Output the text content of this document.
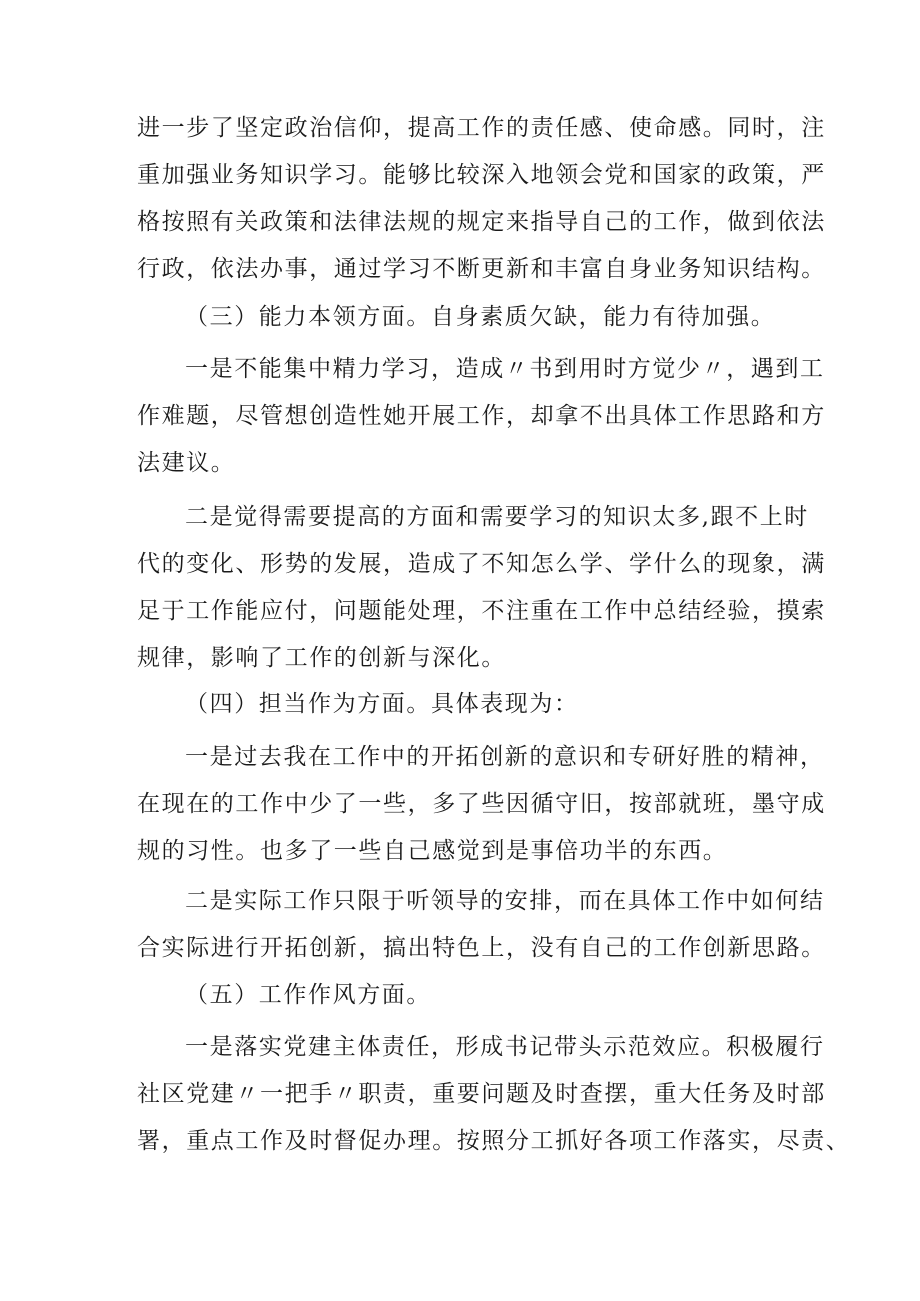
进一步了坚定政治信仰，提高工作的责任感、使命感。同时，注
重加强业务知识学习。能够比较深入地领会党和国家的政策，严
格按照有关政策和法律法规的规定来指导自己的工作，做到依法
行政，依法办事，通过学习不断更新和丰富自身业务知识结构。

（三）能力本领方面。自身素质欠缺，能力有待加强。

一是不能集中精力学习，造成〃书到用时方觉少〃，遇到工
作难题，尽管想创造性她开展工作，却拿不出具体工作思路和方
法建议。

二是觉得需要提高的方面和需要学习的知识太多,跟不上时
代的变化、形势的发展，造成了不知怎么学、学什么的现象，满
足于工作能应付，问题能处理，不注重在工作中总结经验，摸索
规律，影响了工作的创新与深化。

（四）担当作为方面。具体表现为：

一是过去我在工作中的开拓创新的意识和专研好胜的精神，
在现在的工作中少了一些，多了些因循守旧，按部就班，墨守成
规的习性。也多了一些自己感觉到是事倍功半的东西。

二是实际工作只限于听领导的安排，而在具体工作中如何结
合实际进行开拓创新，搞出特色上，没有自己的工作创新思路。

（五）工作作风方面。

一是落实党建主体责任，形成书记带头示范效应。积极履行
社区党建〃一把手〃职责，重要问题及时查摆，重大任务及时部
署，重点工作及时督促办理。按照分工抓好各项工作落实，尽责、
